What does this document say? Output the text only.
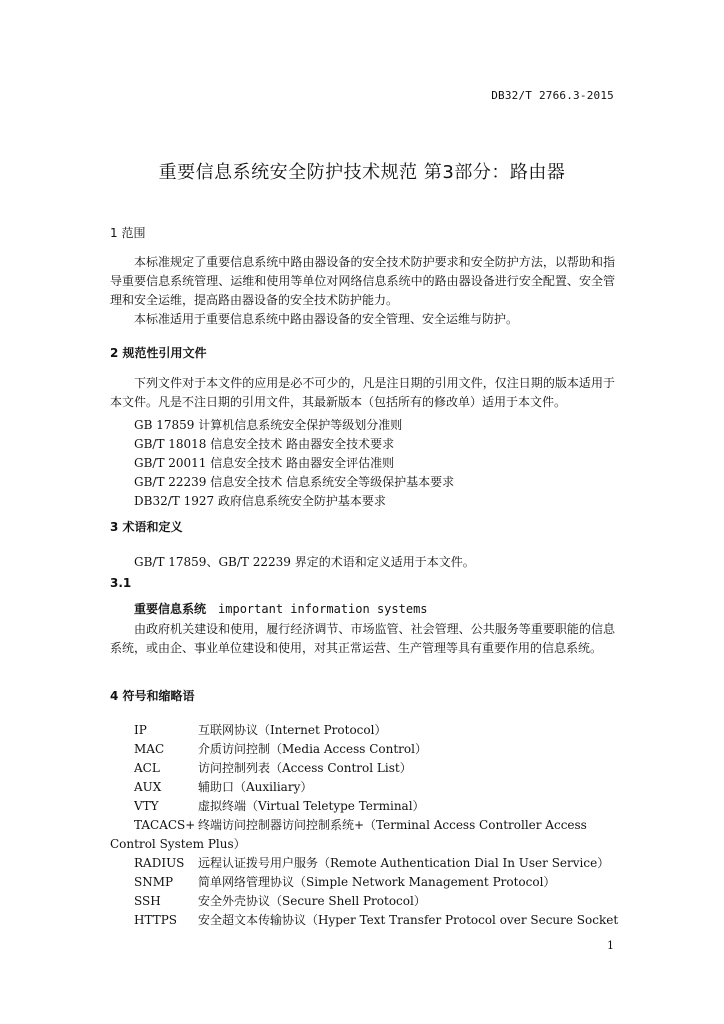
DB32/T 2766.3-2015
重要信息系统安全防护技术规范 第3部分：路由器
1 范围
本标准规定了重要信息系统中路由器设备的安全技术防护要求和安全防护方法，以帮助和指导重要信息系统管理、运维和使用等单位对网络信息系统中的路由器设备进行安全配置、安全管理和安全运维，提高路由器设备的安全技术防护能力。
本标准适用于重要信息系统中路由器设备的安全管理、安全运维与防护。
2 规范性引用文件
下列文件对于本文件的应用是必不可少的，凡是注日期的引用文件，仅注日期的版本适用于本文件。凡是不注日期的引用文件，其最新版本（包括所有的修改单）适用于本文件。
GB 17859 计算机信息系统安全保护等级划分准则
GB/T 18018 信息安全技术 路由器安全技术要求
GB/T 20011 信息安全技术 路由器安全评估准则
GB/T 22239 信息安全技术 信息系统安全等级保护基本要求
DB32/T 1927 政府信息系统安全防护基本要求
3 术语和定义
GB/T 17859、GB/T 22239 界定的术语和定义适用于本文件。
3.1
重要信息系统 important information systems
由政府机关建设和使用，履行经济调节、市场监管、社会管理、公共服务等重要职能的信息系统，或由企、事业单位建设和使用，对其正常运营、生产管理等具有重要作用的信息系统。
4 符号和缩略语
IP	互联网协议（Internet Protocol）
MAC	介质访问控制（Media Access Control）
ACL	访问控制列表（Access Control List）
AUX	辅助口（Auxiliary）
VTY	虚拟终端（Virtual Teletype Terminal）
TACACS+ 终端访问控制器访问控制系统+（Terminal Access Controller Access Control System Plus）
RADIUS 远程认证拨号用户服务（Remote Authentication Dial In User Service）
SNMP 简单网络管理协议（Simple Network Management Protocol）
SSH	安全外壳协议（Secure Shell Protocol）
HTTPS 安全超文本传输协议（Hyper Text Transfer Protocol over Secure Socket
1
